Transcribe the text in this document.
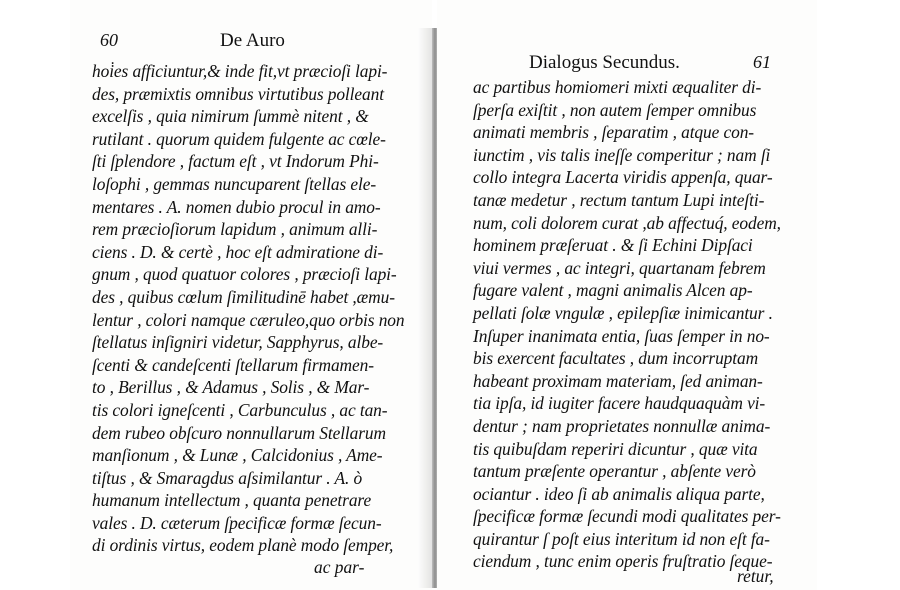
60	De Auro
hoi̇es afficiuntur,& inde fit,vt præcioſi lapi-
des, præmixtis omnibus virtutibus polleant
excelſis , quia nimirum ſummè nitent , &
rutilant . quorum quidem fulgente ac cœle-
ſti ſplendore , factum eſt , vt Indorum Phi-
loſophi , gemmas nuncuparent ſtellas ele-
mentares . A. nomen dubio procul in amo-
rem præcioſiorum lapidum , animum alli-
ciens . D. & certè , hoc eſt admiratione di-
gnum , quod quatuor colores , præcioſi lapi-
des , quibus cœlum ſimilitudinē habet ,æmu-
lentur , colori namque cæruleo,quo orbis non
ſtellatus inſigniri videtur, Sapphyrus, albe-
ſcenti & candeſcenti ſtellarum firmamen-
to , Berillus , & Adamus , Solis , & Mar-
tis colori igneſcenti , Carbunculus , ac tan-
dem rubeo obſcuro nonnullarum Stellarum
manſionum , & Lunæ , Calcidonius , Ame-
tiſtus , & Smaragdus aſsimilantur . A. ò
humanum intellectum , quanta penetrare
vales . D. cæterum ſpecificæ formæ ſecun-
di ordinis virtus, eodem planè modo ſemper,
ac par-
Dialogus Secundus.	61
ac partibus homiomeri mixti æqualiter di-
ſperſa exiſtit , non autem ſemper omnibus
animati membris , ſeparatim , atque con-
iunctim , vis talis ineſſe comperitur ; nam ſi
collo integra Lacerta viridis appenſa, quar-
tanæ medetur , rectum tantum Lupi inteſti-
num, coli dolorem curat ,ab affectuq́, eodem,
hominem præſeruat . & ſi Echini Dipſaci
viui vermes , ac integri, quartanam febrem
fugare valent , magni animalis Alcen ap-
pellati ſolæ vngulæ , epilepſiæ inimicantur .
Inſuper inanimata entia, ſuas ſemper in no-
bis exercent facultates , dum incorruptam
habeant proximam materiam, ſed animan-
tia ipſa, id iugiter facere haudquaquàm vi-
dentur ; nam proprietates nonnullæ anima-
tis quibuſdam reperiri dicuntur , quæ vita
tantum præſente operantur , abſente verò
ociantur . ideo ſi ab animalis aliqua parte,
ſpecificæ formæ ſecundi modi qualitates per-
quirantur ſ poſt eius interitum id non eſt fa-
ciendum , tunc enim operis fruſtratio ſeque-
retur,
